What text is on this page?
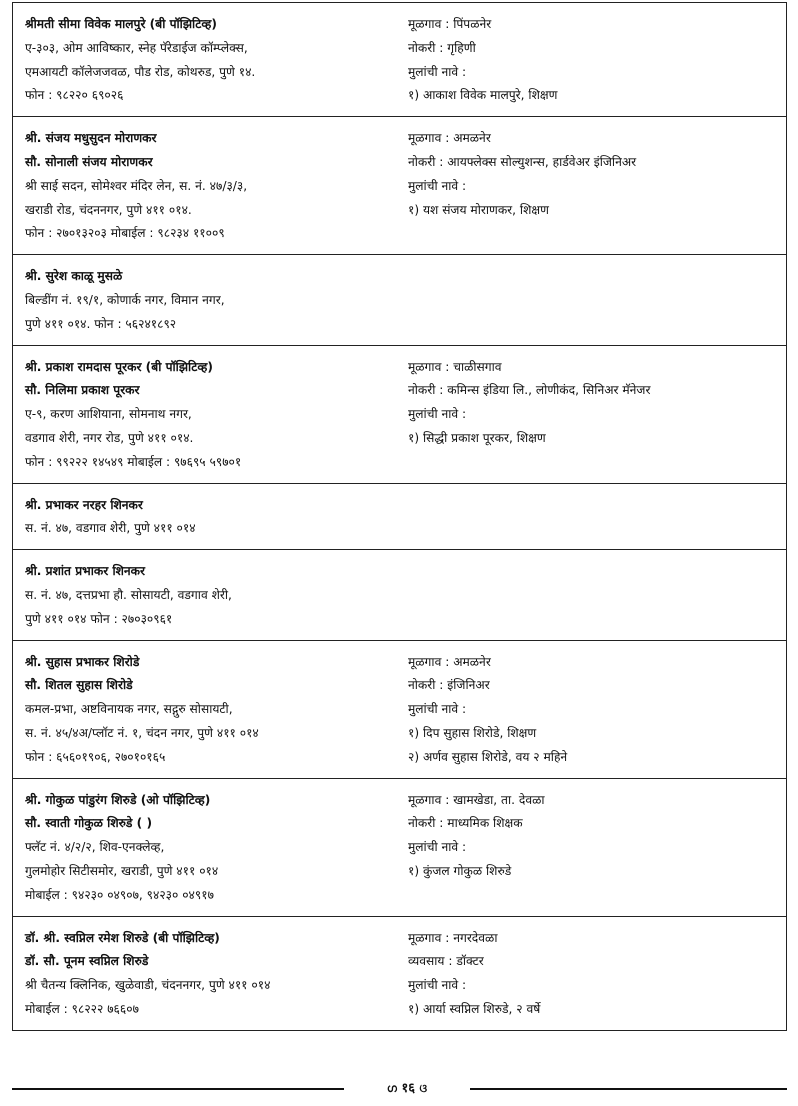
श्रीमती सीमा विवेक मालपुरे (बी पॉझिटिव्ह)
ए-३०३, ओम आविष्कार, स्नेह पॅरेडाईज कॉम्प्लेक्स,
एमआयटी कॉलेजजवळ, पौड रोड, कोथरुड, पुणे १४.
फोन : ९८२२० ६९०२६
मूळगाव : पिंपळनेर
नोकरी : गृहिणी
मुलांची नावे :
१) आकाश विवेक मालपुरे, शिक्षण
श्री. संजय मधुसुदन मोराणकर
सौ. सोनाली संजय मोराणकर
श्री साई सदन, सोमेश्वर मंदिर लेन, स. नं. ४७/३/३,
खराडी रोड, चंदननगर, पुणे ४११ ०१४.
फोन : २७०१३२०३ मोबाईल : ९८२३४ ११००९
मूळगाव : अमळनेर
नोकरी : आयफ्लेक्स सोल्युशन्स, हार्डवेअर इंजिनिअर
मुलांची नावे :
१) यश संजय मोराणकर, शिक्षण
श्री. सुरेश काळू मुसळे
बिल्डींग नं. १९/१, कोणार्क नगर, विमान नगर,
पुणे ४११ ०१४. फोन : ५६२४१८९२
श्री. प्रकाश रामदास पूरकर (बी पॉझिटिव्ह)
सौ. निलिमा प्रकाश पूरकर
ए-९, करण आशियाना, सोमनाथ नगर,
वडगाव शेरी, नगर रोड, पुणे ४११ ०१४.
फोन : ९९२२२ १४५४९ मोबाईल : ९७६९५ ५९७०१
मूळगाव : चाळीसगाव
नोकरी : कमिन्स इंडिया लि., लोणीकंद, सिनिअर मॅनेजर
मुलांची नावे :
१) सिद्धी प्रकाश पूरकर, शिक्षण
श्री. प्रभाकर नरहर शिनकर
स. नं. ४७, वडगाव शेरी, पुणे ४११ ०१४
श्री. प्रशांत प्रभाकर शिनकर
स. नं. ४७, दत्तप्रभा हौ. सोसायटी, वडगाव शेरी,
पुणे ४११ ०१४ फोन : २७०३०९६१
श्री. सुहास प्रभाकर शिरोडे
सौ. शितल सुहास शिरोडे
कमल-प्रभा, अष्टविनायक नगर, सद्गुरु सोसायटी,
स. नं. ४५/४अ/प्लॉट नं. १, चंदन नगर, पुणे ४११ ०१४
फोन : ६५६०१९०६, २७०१०१६५
मूळगाव : अमळनेर
नोकरी : इंजिनिअर
मुलांची नावे :
१) दिप सुहास शिरोडे, शिक्षण
२) अर्णव सुहास शिरोडे, वय २ महिने
श्री. गोकुळ पांडुरंग शिरुडे (ओ पॉझिटिव्ह)
सौ. स्वाती गोकुळ शिरुडे ( )
फ्लॅट नं. ४/२/२, शिव-एनक्लेव्ह,
गुलमोहोर सिटीसमोर, खराडी, पुणे ४११ ०१४
मोबाईल : ९४२३० ०४९०७, ९४२३० ०४९१७
मूळगाव : खामखेडा, ता. देवळा
नोकरी : माध्यमिक शिक्षक
मुलांची नावे :
१) कुंजल गोकुळ शिरुडे
डॉ. श्री. स्वप्निल रमेश शिरुडे (बी पॉझिटिव्ह)
डॉ. सौ. पूनम स्वप्निल शिरुडे
श्री चैतन्य क्लिनिक, खुळेवाडी, चंदननगर, पुणे ४११ ०१४
मोबाईल : ९८२२२ ७६६०७
मूळगाव : नगरदेवळा
व्यवसाय : डॉक्टर
मुलांची नावे :
१) आर्या स्वप्निल शिरुडे, २ वर्षे
ഗ १६ ଓ
